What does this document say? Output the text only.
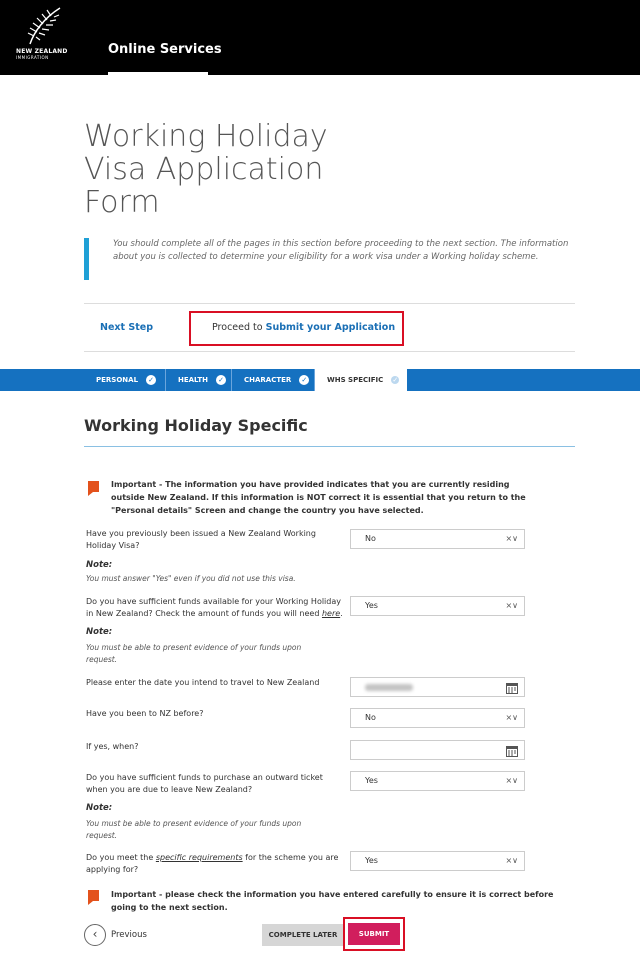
NEW ZEALAND
IMMIGRATION
Online Services
Working Holiday
Visa Application
Form
You should complete all of the pages in this section before proceeding to the next section. The information about you is collected to determine your eligibility for a work visa under a Working holiday scheme.
Next Step	Proceed to Submit your Application
PERSONAL ✓	HEALTH ✓	CHARACTER ✓	WHS SPECIFIC ✓
Working Holiday Specific
Important - The information you have provided indicates that you are currently residing outside New Zealand. If this information is NOT correct it is essential that you return to the "Personal details" Screen and change the country you have selected.
Have you previously been issued a New Zealand Working Holiday Visa?
No	×∨
Note:
You must answer "Yes" even if you did not use this visa.
Do you have sufficient funds available for your Working Holiday in New Zealand? Check the amount of funds you will need here.
Yes	×∨
Note:
You must be able to present evidence of your funds upon request.
Please enter the date you intend to travel to New Zealand
Have you been to NZ before?	No	×∨
If yes, when?
Do you have sufficient funds to purchase an outward ticket when you are due to leave New Zealand?
Yes	×∨
Note:
You must be able to present evidence of your funds upon request.
Do you meet the specific requirements for the scheme you are applying for?
Yes	×∨
Important - please check the information you have entered carefully to ensure it is correct before going to the next section.
‹	Previous	COMPLETE LATER	SUBMIT
